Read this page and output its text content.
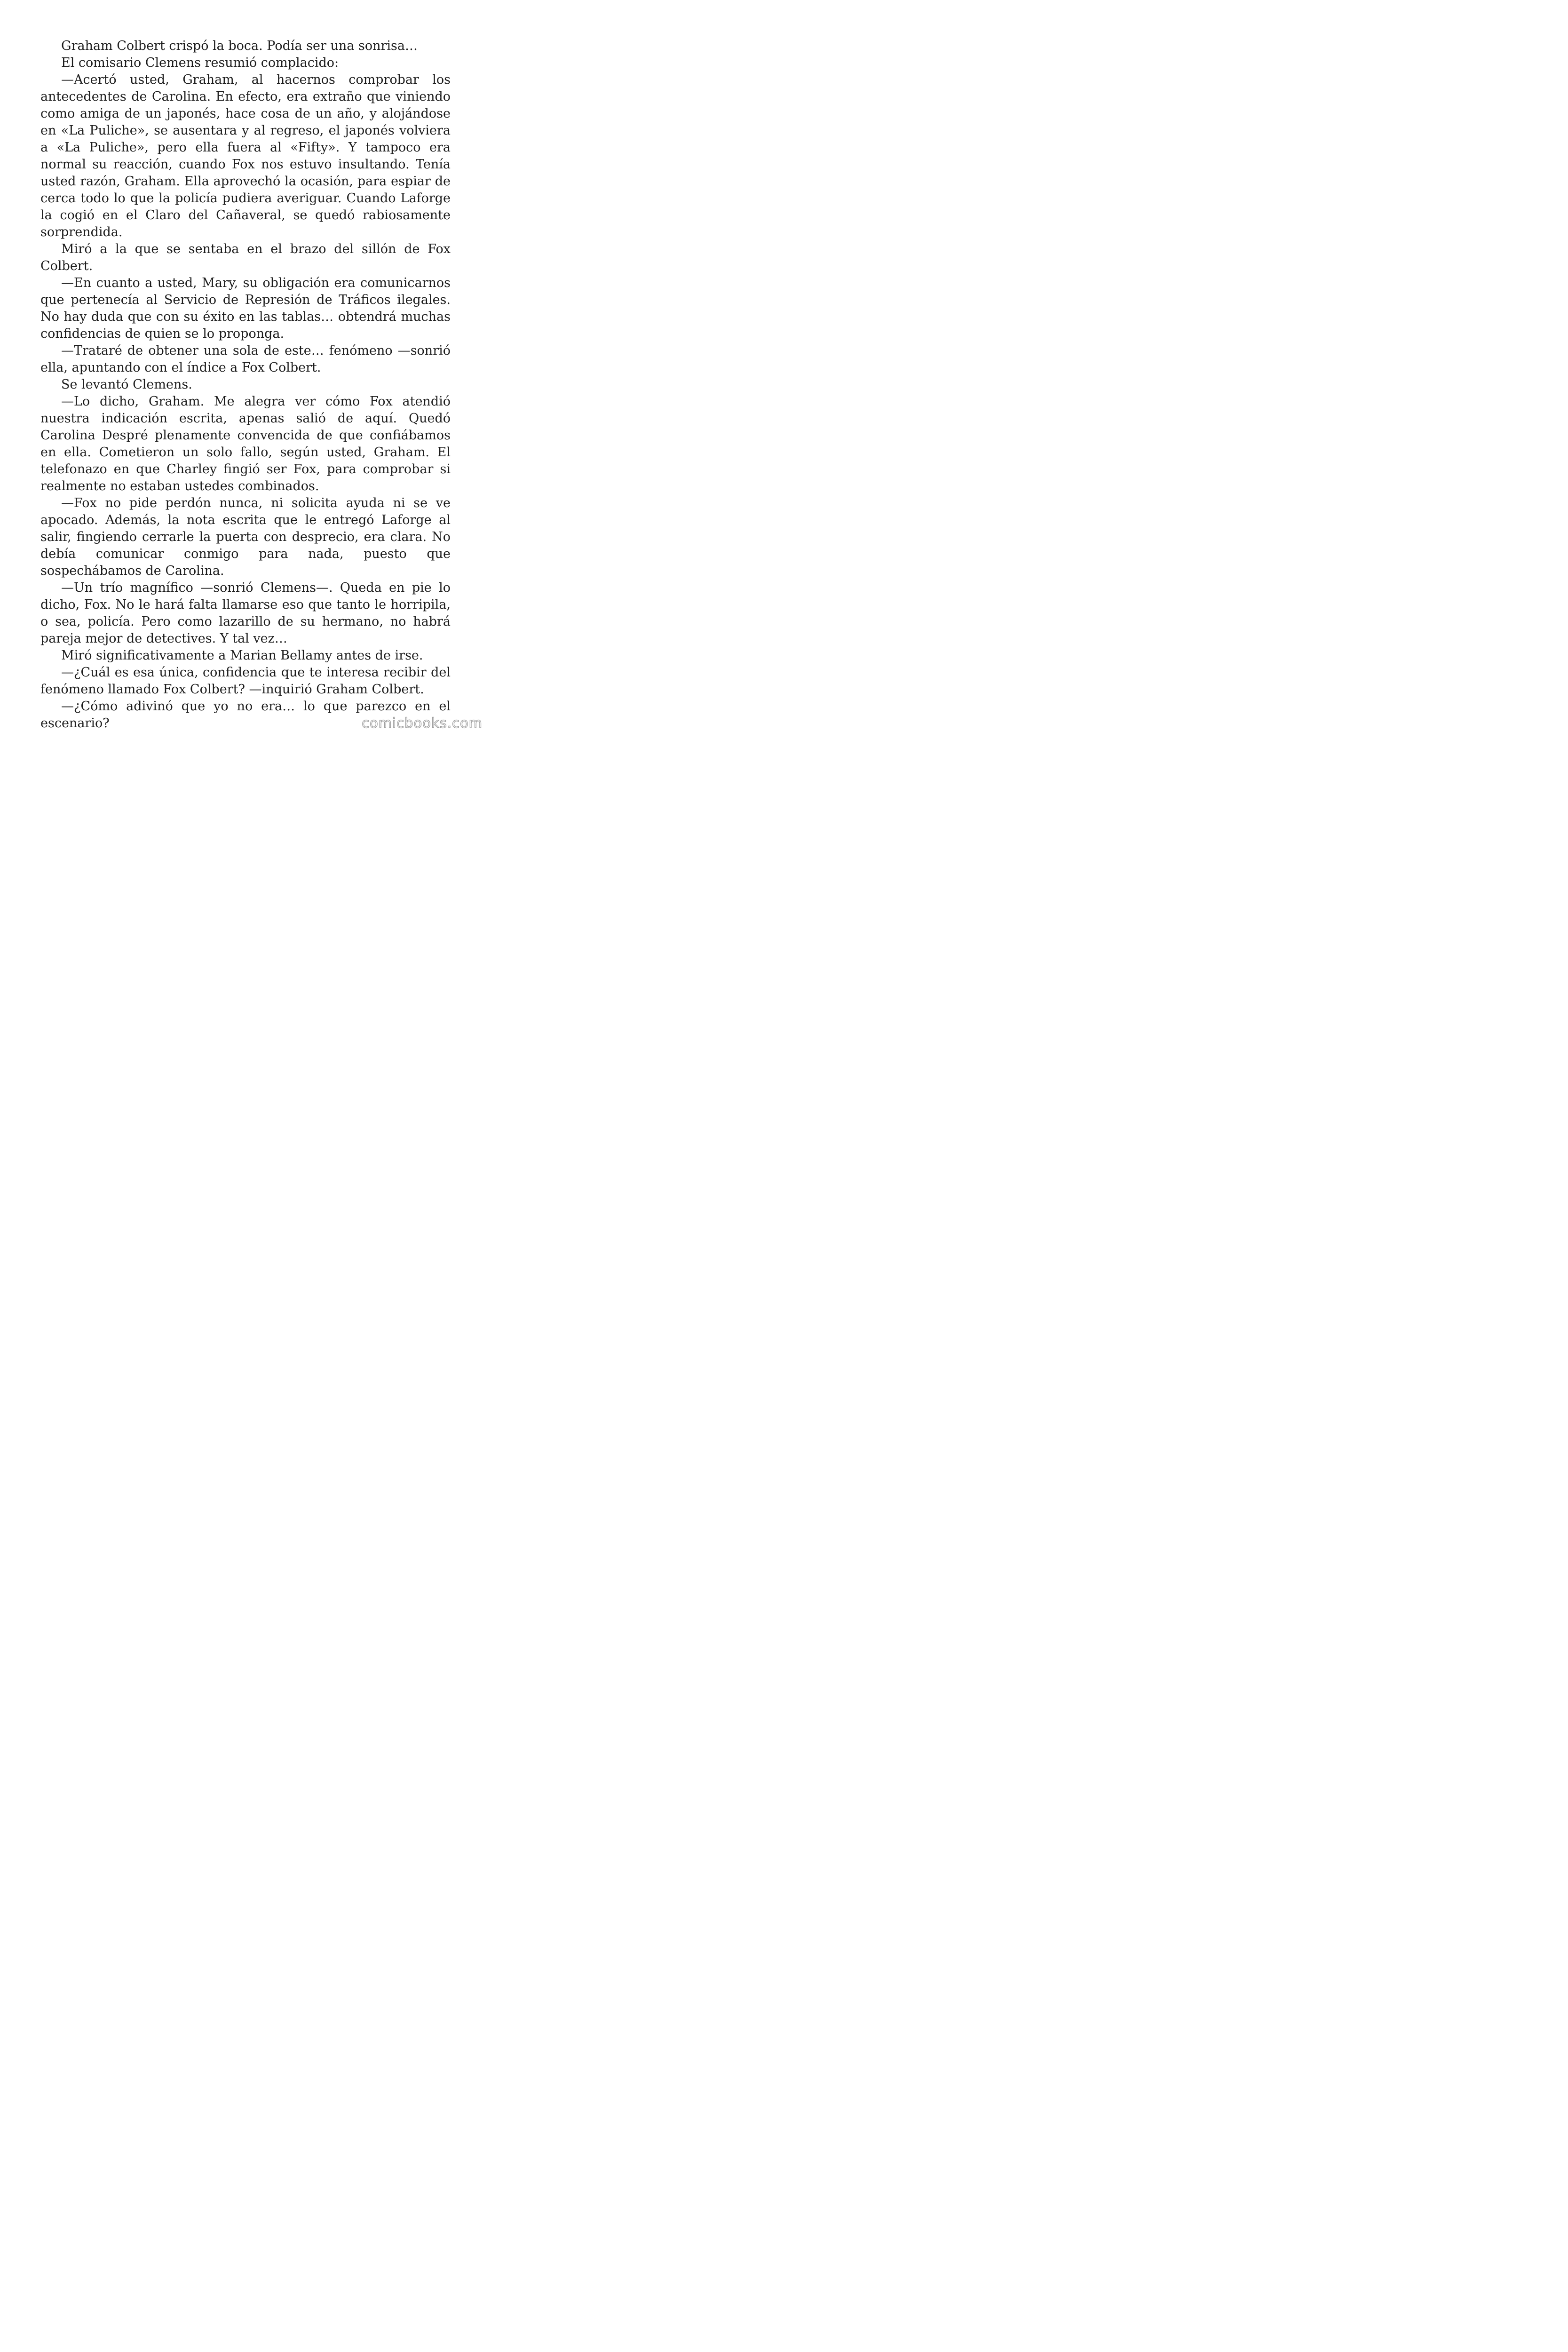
Graham Colbert crispó la boca. Podía ser una sonrisa…

El comisario Clemens resumió complacido:

—Acertó usted, Graham, al hacernos comprobar los antecedentes de Carolina. En efecto, era extraño que viniendo como amiga de un japonés, hace cosa de un año, y alojándose en «La Puliche», se ausentara y al regreso, el japonés volviera a «La Puliche», pero ella fuera al «Fifty». Y tampoco era normal su reacción, cuando Fox nos estuvo insultando. Tenía usted razón, Graham. Ella aprovechó la ocasión, para espiar de cerca todo lo que la policía pudiera averiguar. Cuando Laforge la cogió en el Claro del Cañaveral, se quedó rabiosamente sorprendida.

Miró a la que se sentaba en el brazo del sillón de Fox Colbert.

—En cuanto a usted, Mary, su obligación era comunicarnos que pertenecía al Servicio de Represión de Tráficos ilegales. No hay duda que con su éxito en las tablas… obtendrá muchas confidencias de quien se lo proponga.

—Trataré de obtener una sola de este… fenómeno —sonrió ella, apuntando con el índice a Fox Colbert.

Se levantó Clemens.

—Lo dicho, Graham. Me alegra ver cómo Fox atendió nuestra indicación escrita, apenas salió de aquí. Quedó Carolina Despré plenamente convencida de que confiábamos en ella. Cometieron un solo fallo, según usted, Graham. El telefonazo en que Charley fingió ser Fox, para comprobar si realmente no estaban ustedes combinados.

—Fox no pide perdón nunca, ni solicita ayuda ni se ve apocado. Además, la nota escrita que le entregó Laforge al salir, fingiendo cerrarle la puerta con desprecio, era clara. No debía comunicar conmigo para nada, puesto que sospechábamos de Carolina.

—Un trío magnífico —sonrió Clemens—. Queda en pie lo dicho, Fox. No le hará falta llamarse eso que tanto le horripila, o sea, policía. Pero como lazarillo de su hermano, no habrá pareja mejor de detectives. Y tal vez…

Miró significativamente a Marian Bellamy antes de irse.

—¿Cuál es esa única, confidencia que te interesa recibir del fenómeno llamado Fox Colbert? —inquirió Graham Colbert.

—¿Cómo adivinó que yo no era… lo que parezco en el escenario?	comicbooks.com
